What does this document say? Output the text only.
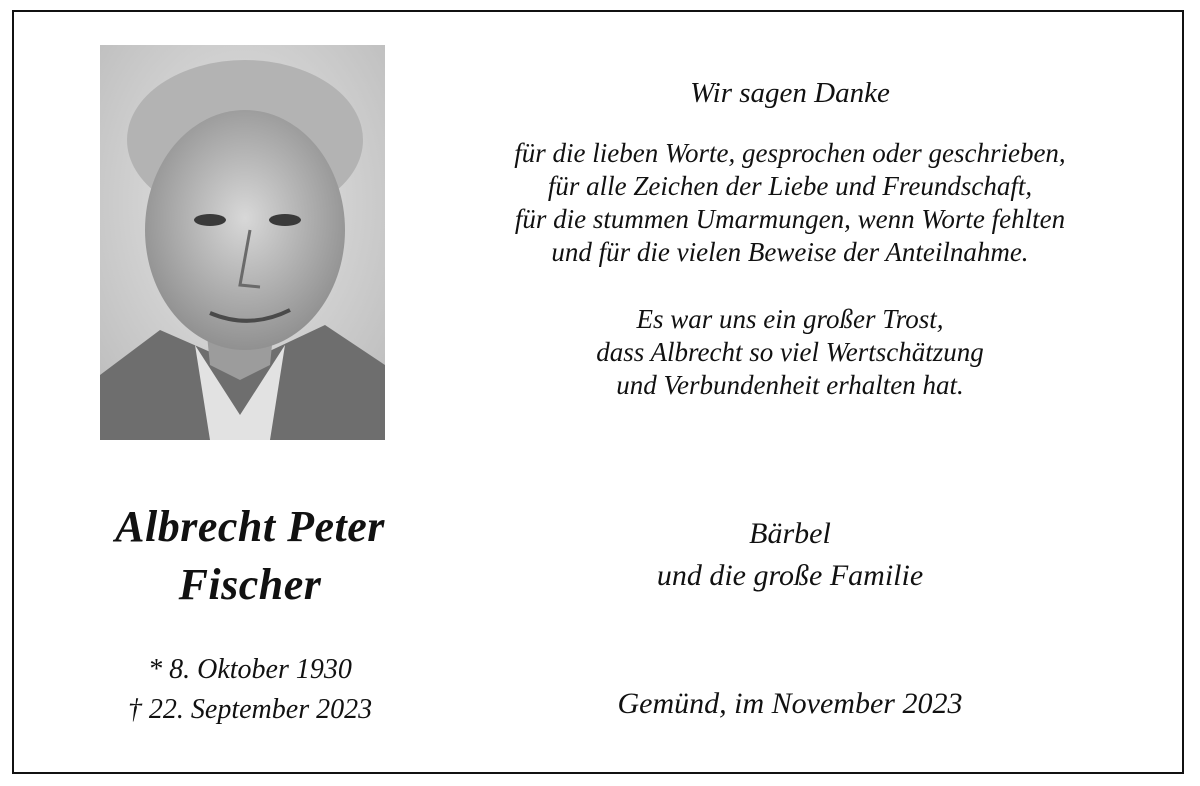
Wir sagen Danke
für die lieben Worte, gesprochen oder geschrieben,
für alle Zeichen der Liebe und Freundschaft,
für die stummen Umarmungen, wenn Worte fehlten
und für die vielen Beweise der Anteilnahme.
Es war uns ein großer Trost,
dass Albrecht so viel Wertschätzung
und Verbundenheit erhalten hat.
Albrecht Peter
Fischer
* 8. Oktober 1930
† 22. September 2023
Bärbel
und die große Familie
Gemünd, im November 2023
